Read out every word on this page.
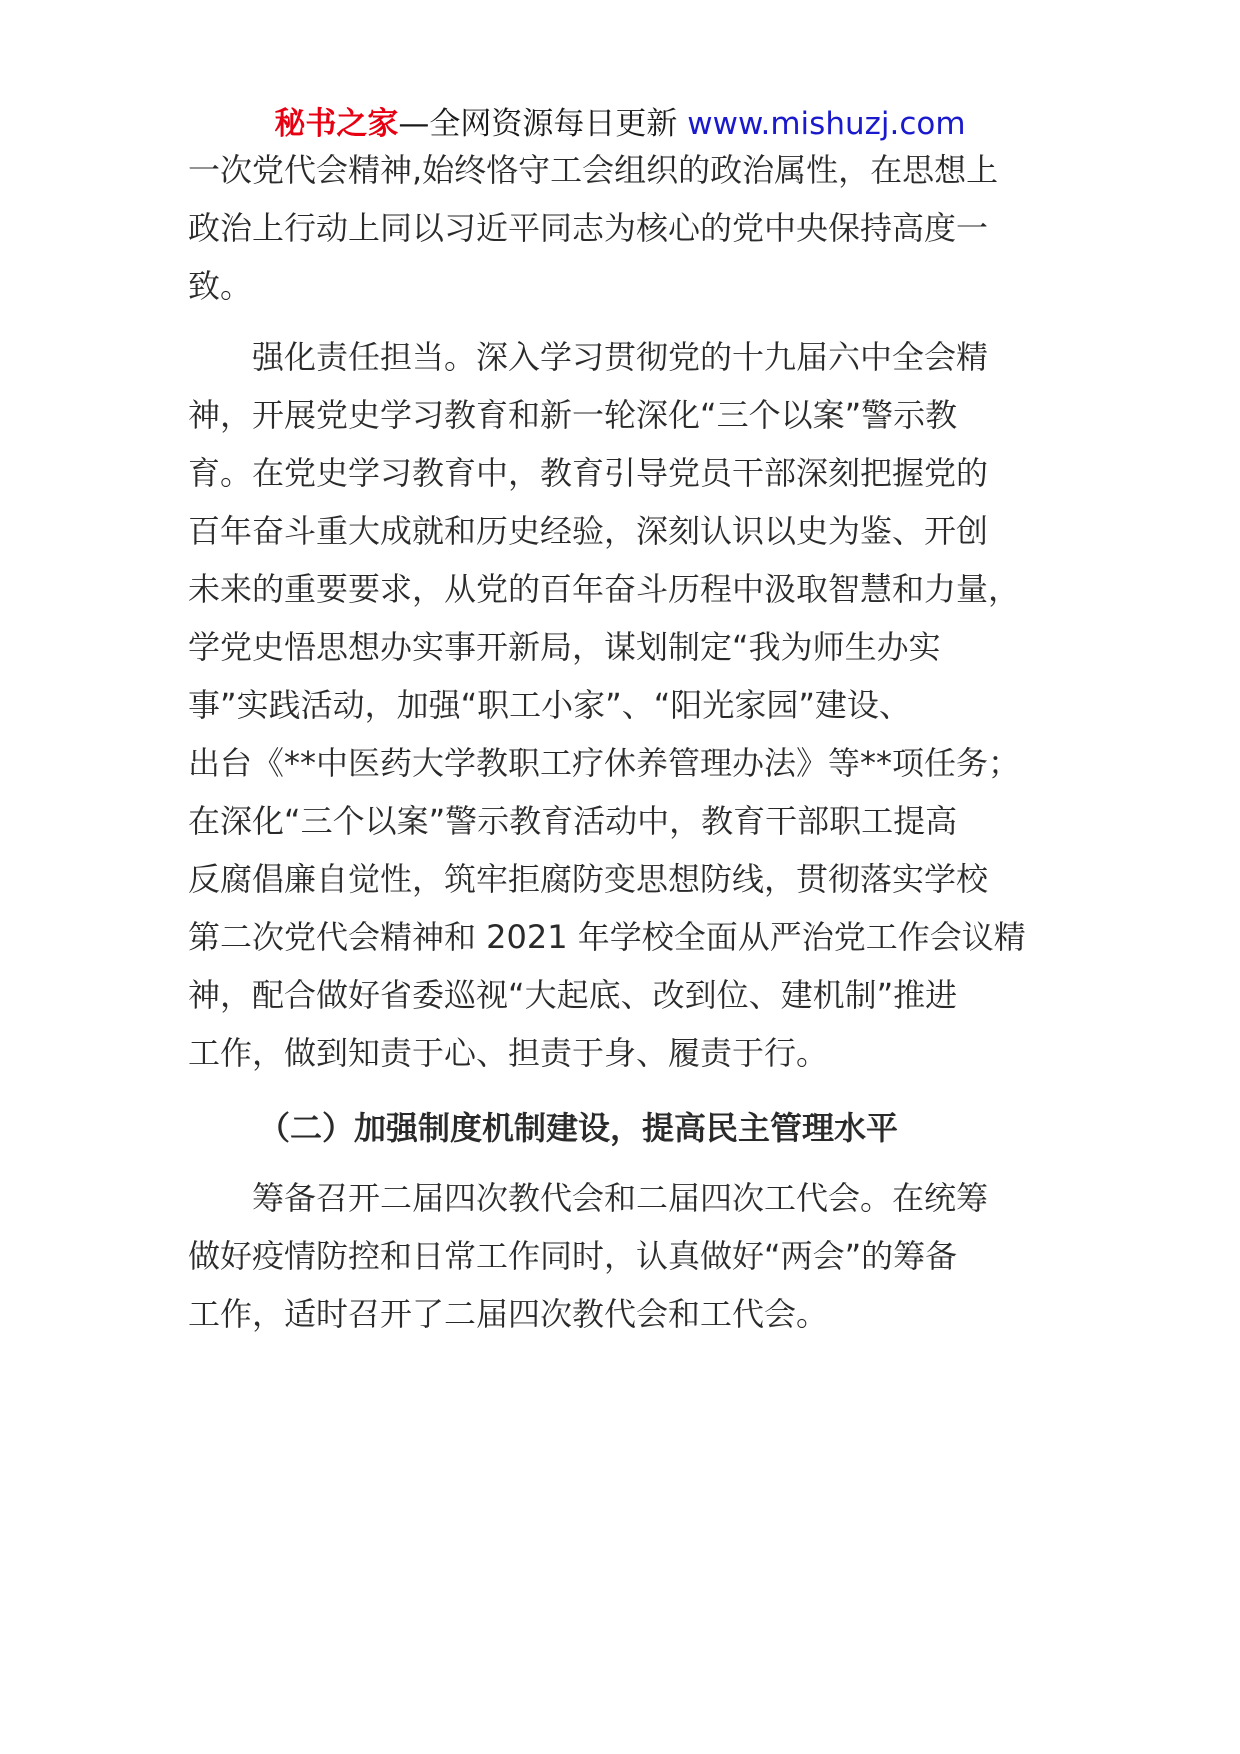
秘书之家—全网资源每日更新 www.mishuzj.com
一次党代会精神,始终恪守工会组织的政治属性，在思想上
政治上行动上同以习近平同志为核心的党中央保持高度一
致。
　　强化责任担当。深入学习贯彻党的十九届六中全会精
神，开展党史学习教育和新一轮深化“三个以案”警示教
育。在党史学习教育中，教育引导党员干部深刻把握党的
百年奋斗重大成就和历史经验，深刻认识以史为鉴、开创
未来的重要要求，从党的百年奋斗历程中汲取智慧和力量，
学党史悟思想办实事开新局，谋划制定“我为师生办实
事”实践活动，加强“职工小家”、“阳光家园”建设、
出台《**中医药大学教职工疗休养管理办法》等**项任务；
在深化“三个以案”警示教育活动中，教育干部职工提高
反腐倡廉自觉性，筑牢拒腐防变思想防线，贯彻落实学校
第二次党代会精神和 2021 年学校全面从严治党工作会议精
神，配合做好省委巡视“大起底、改到位、建机制”推进
工作，做到知责于心、担责于身、履责于行。
（二）加强制度机制建设，提高民主管理水平
　　筹备召开二届四次教代会和二届四次工代会。在统筹
做好疫情防控和日常工作同时，认真做好“两会”的筹备
工作，适时召开了二届四次教代会和工代会。
